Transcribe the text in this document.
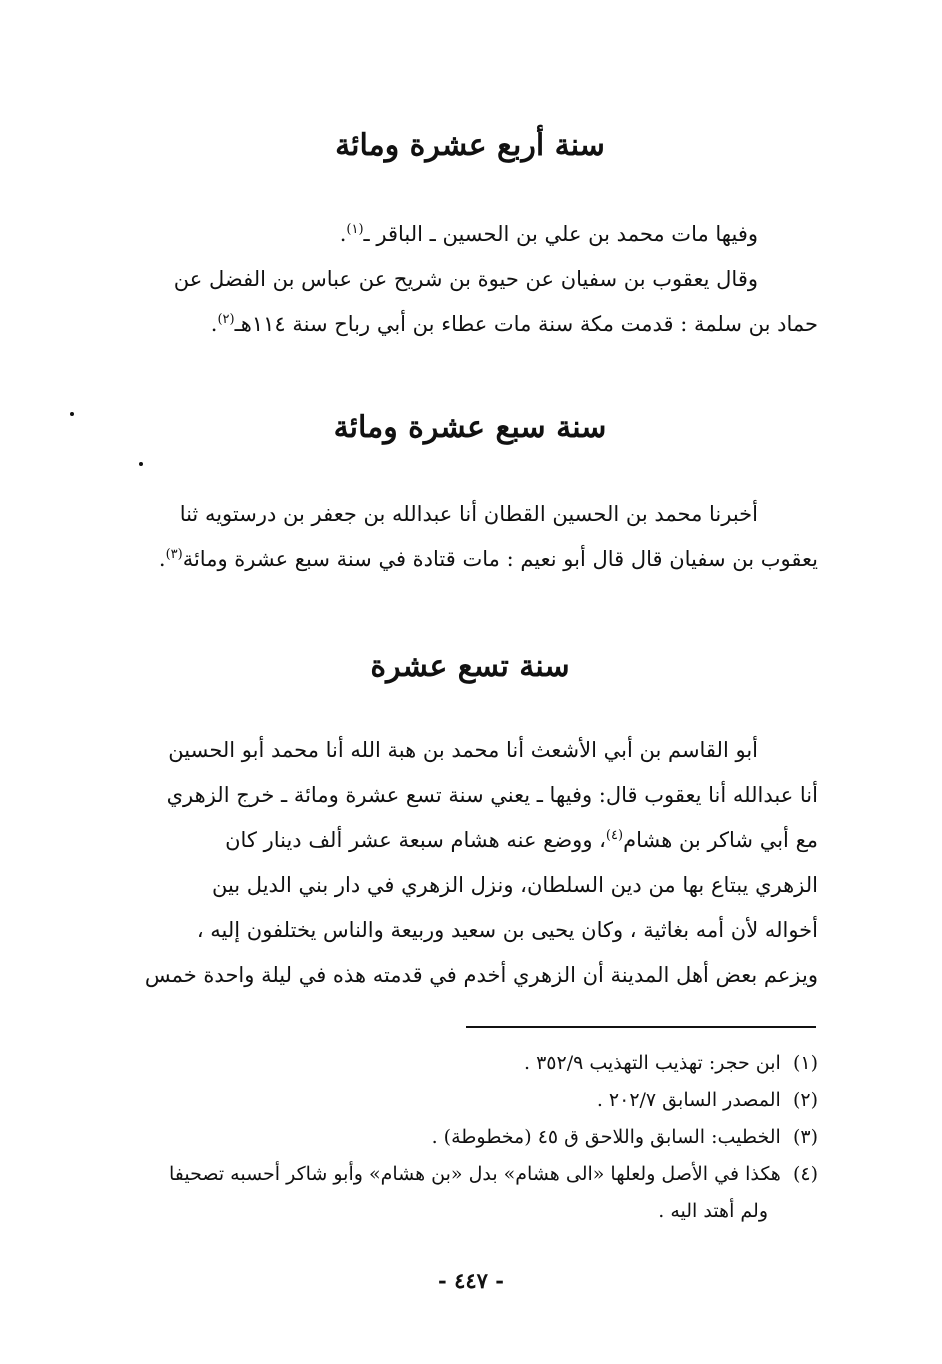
سنة أربع عشرة ومائة
وفيها مات محمد بن علي بن الحسين ـ الباقر ـ$^{(١)}$.
وقال يعقوب بن سفيان عن حيوة بن شريح عن عباس بن الفضل عن
حماد بن سلمة : قدمت مكة سنة مات عطاء بن أبي رباح سنة ١١٤هـ$^{(٢)}$.
سنة سبع عشرة ومائة
أخبرنا محمد بن الحسين القطان أنا عبدالله بن جعفر بن درستويه ثنا
يعقوب بن سفيان قال قال أبو نعيم : مات قتادة في سنة سبع عشرة ومائة$^{(٣)}$.
سنة تسع عشرة
أبو القاسم بن أبي الأشعث أنا محمد بن هبة الله أنا محمد أبو الحسين
أنا عبدالله أنا يعقوب قال: وفيها ـ يعني سنة تسع عشرة ومائة ـ خرج الزهري
مع أبي شاكر بن هشام$^{(٤)}$، ووضع عنه هشام سبعة عشر ألف دينار كان
الزهري يبتاع بها من دين السلطان، ونزل الزهري في دار بني الديل بين
أخواله لأن أمه بغاثية ، وكان يحيى بن سعيد وربيعة والناس يختلفون إليه ،
ويزعم بعض أهل المدينة أن الزهري أخدم في قدمته هذه في ليلة واحدة خمس
(١)  ابن حجر: تهذيب التهذيب ٣٥٢/٩ .
(٢)  المصدر السابق ٢٠٢/٧ .
(٣)  الخطيب: السابق واللاحق ق ٤٥ (مخطوطة) .
(٤)  هكذا في الأصل ولعلها «الى هشام» بدل «بن هشام» وأبو شاكر أحسبه تصحيفا
ولم أهتد اليه .
- ٤٤٧ -
